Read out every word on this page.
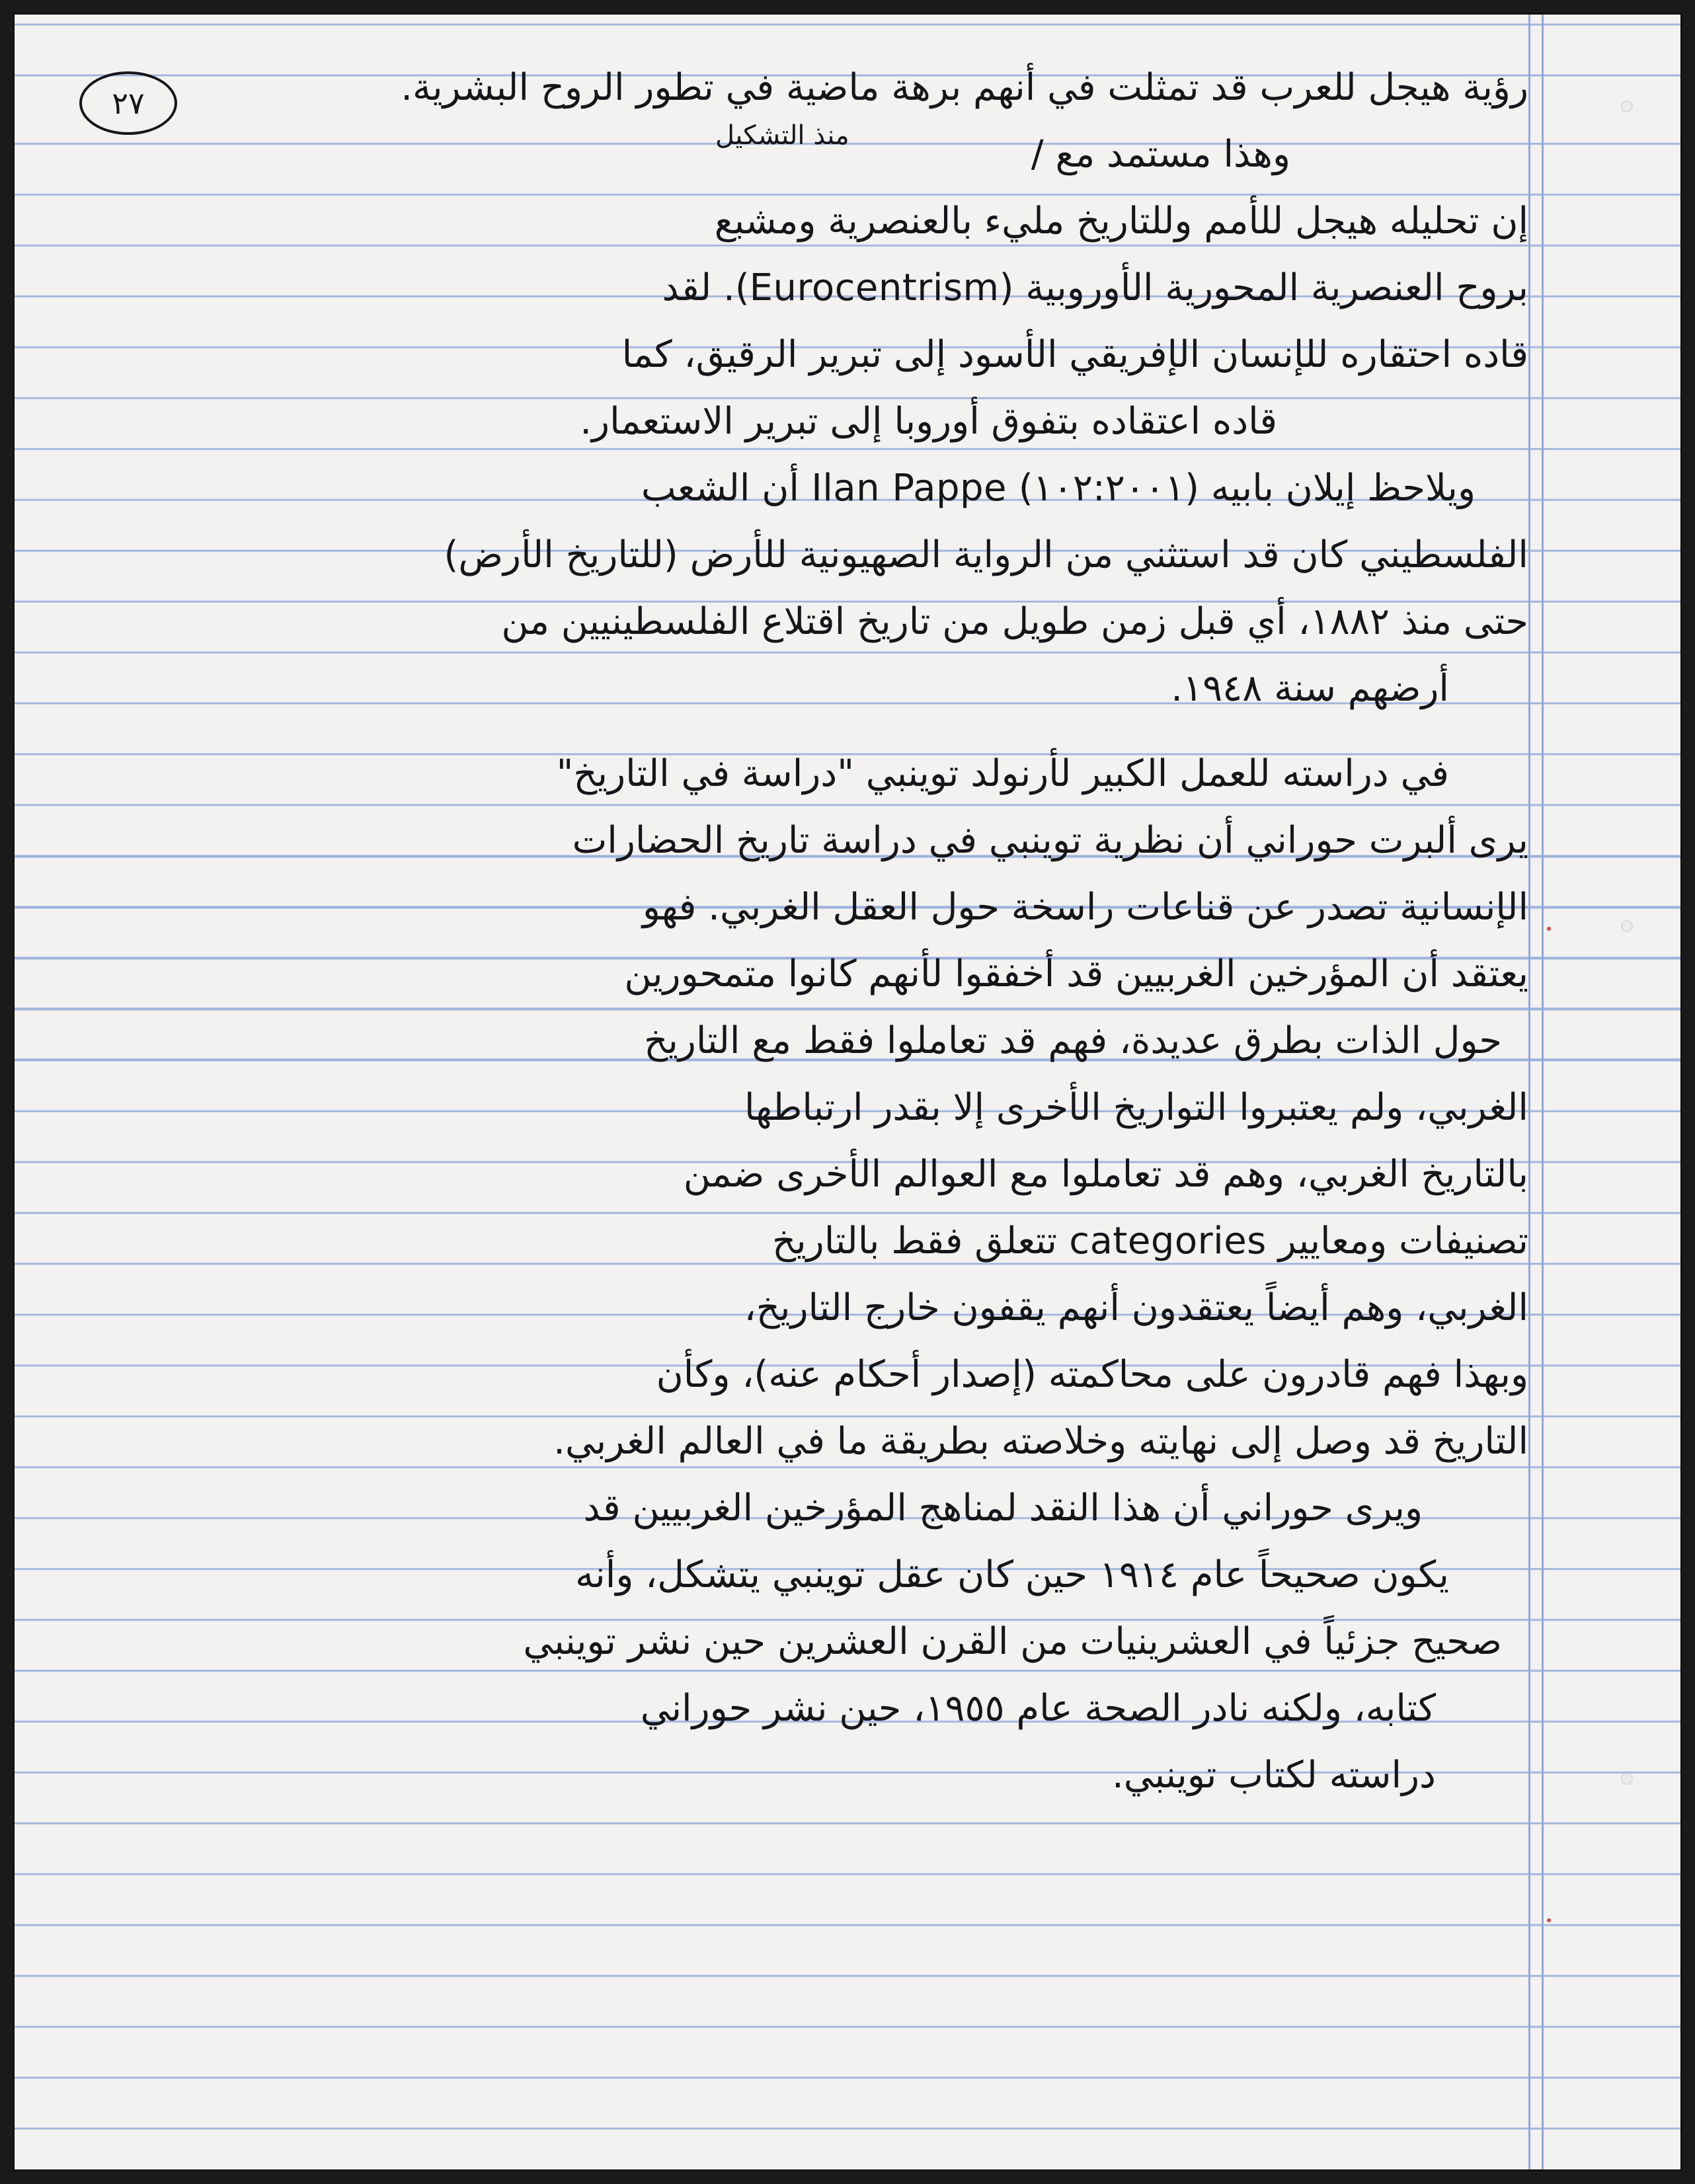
٢٧
منذ التشكيل
رؤية هيجل للعرب قد تمثلت في أنهم برهة ماضية في تطور الروح البشرية.
وهذا مستمد مع /
إن تحليله هيجل للأمم وللتاريخ مليء بالعنصرية ومشبع
بروح العنصرية المحورية الأوروبية (Eurocentrism). لقد
قاده احتقاره للإنسان الإفريقي الأسود إلى تبرير الرقيق، كما
قاده اعتقاده بتفوق أوروبا إلى تبرير الاستعمار.
ويلاحظ إيلان بابيه (١٠٢:٢٠٠١) Ilan Pappe أن الشعب
الفلسطيني كان قد استثني من الرواية الصهيونية للأرض (للتاريخ الأرض)
حتى منذ ١٨٨٢، أي قبل زمن طويل من تاريخ اقتلاع الفلسطينيين من
أرضهم سنة ١٩٤٨.
في دراسته للعمل الكبير لأرنولد توينبي "دراسة في التاريخ"
يرى ألبرت حوراني أن نظرية توينبي في دراسة تاريخ الحضارات
الإنسانية تصدر عن قناعات راسخة حول العقل الغربي. فهو
يعتقد أن المؤرخين الغربيين قد أخفقوا لأنهم كانوا متمحورين
حول الذات بطرق عديدة، فهم قد تعاملوا فقط مع التاريخ
الغربي، ولم يعتبروا التواريخ الأخرى إلا بقدر ارتباطها
بالتاريخ الغربي، وهم قد تعاملوا مع العوالم الأخرى ضمن
تصنيفات ومعايير categories تتعلق فقط بالتاريخ
الغربي، وهم أيضاً يعتقدون أنهم يقفون خارج التاريخ،
وبهذا فهم قادرون على محاكمته (إصدار أحكام عنه)، وكأن
التاريخ قد وصل إلى نهايته وخلاصته بطريقة ما في العالم الغربي.
ويرى حوراني أن هذا النقد لمناهج المؤرخين الغربيين قد
يكون صحيحاً عام ١٩١٤ حين كان عقل توينبي يتشكل، وأنه
صحيح جزئياً في العشرينيات من القرن العشرين حين نشر توينبي
كتابه، ولكنه نادر الصحة عام ١٩٥٥، حين نشر حوراني
دراسته لكتاب توينبي.
